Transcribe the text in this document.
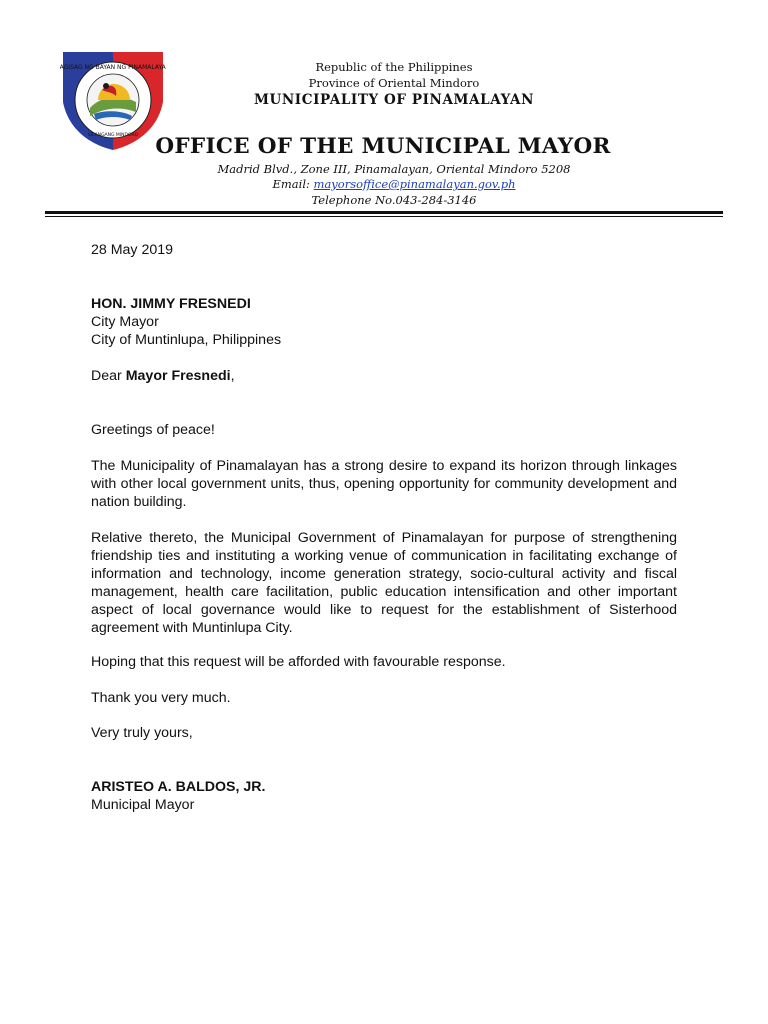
SAGISAG NG BAYAN NG PINAMALAYAN
SILANGANG MINDORO
Republic of the Philippines
Province of Oriental Mindoro
MUNICIPALITY OF PINAMALAYAN
OFFICE OF THE MUNICIPAL MAYOR
Madrid Blvd., Zone III, Pinamalayan, Oriental Mindoro 5208
Email: mayorsoffice@pinamalayan.gov.ph
Telephone No.043-284-3146
28 May 2019
HON. JIMMY FRESNEDI
City Mayor
City of Muntinlupa, Philippines
Dear Mayor Fresnedi,
Greetings of peace!
The Municipality of Pinamalayan has a strong desire to expand its horizon through linkages with other local government units, thus, opening opportunity for community development and nation building.
Relative thereto, the Municipal Government of Pinamalayan for purpose of strengthening friendship ties and instituting a working venue of communication in facilitating exchange of information and technology, income generation strategy, socio-cultural activity and fiscal management, health care facilitation, public education intensification and other important aspect of local governance would like to request for the establishment of Sisterhood agreement with Muntinlupa City.
Hoping that this request will be afforded with favourable response.
Thank you very much.
Very truly yours,
ARISTEO A. BALDOS, JR.
Municipal Mayor
